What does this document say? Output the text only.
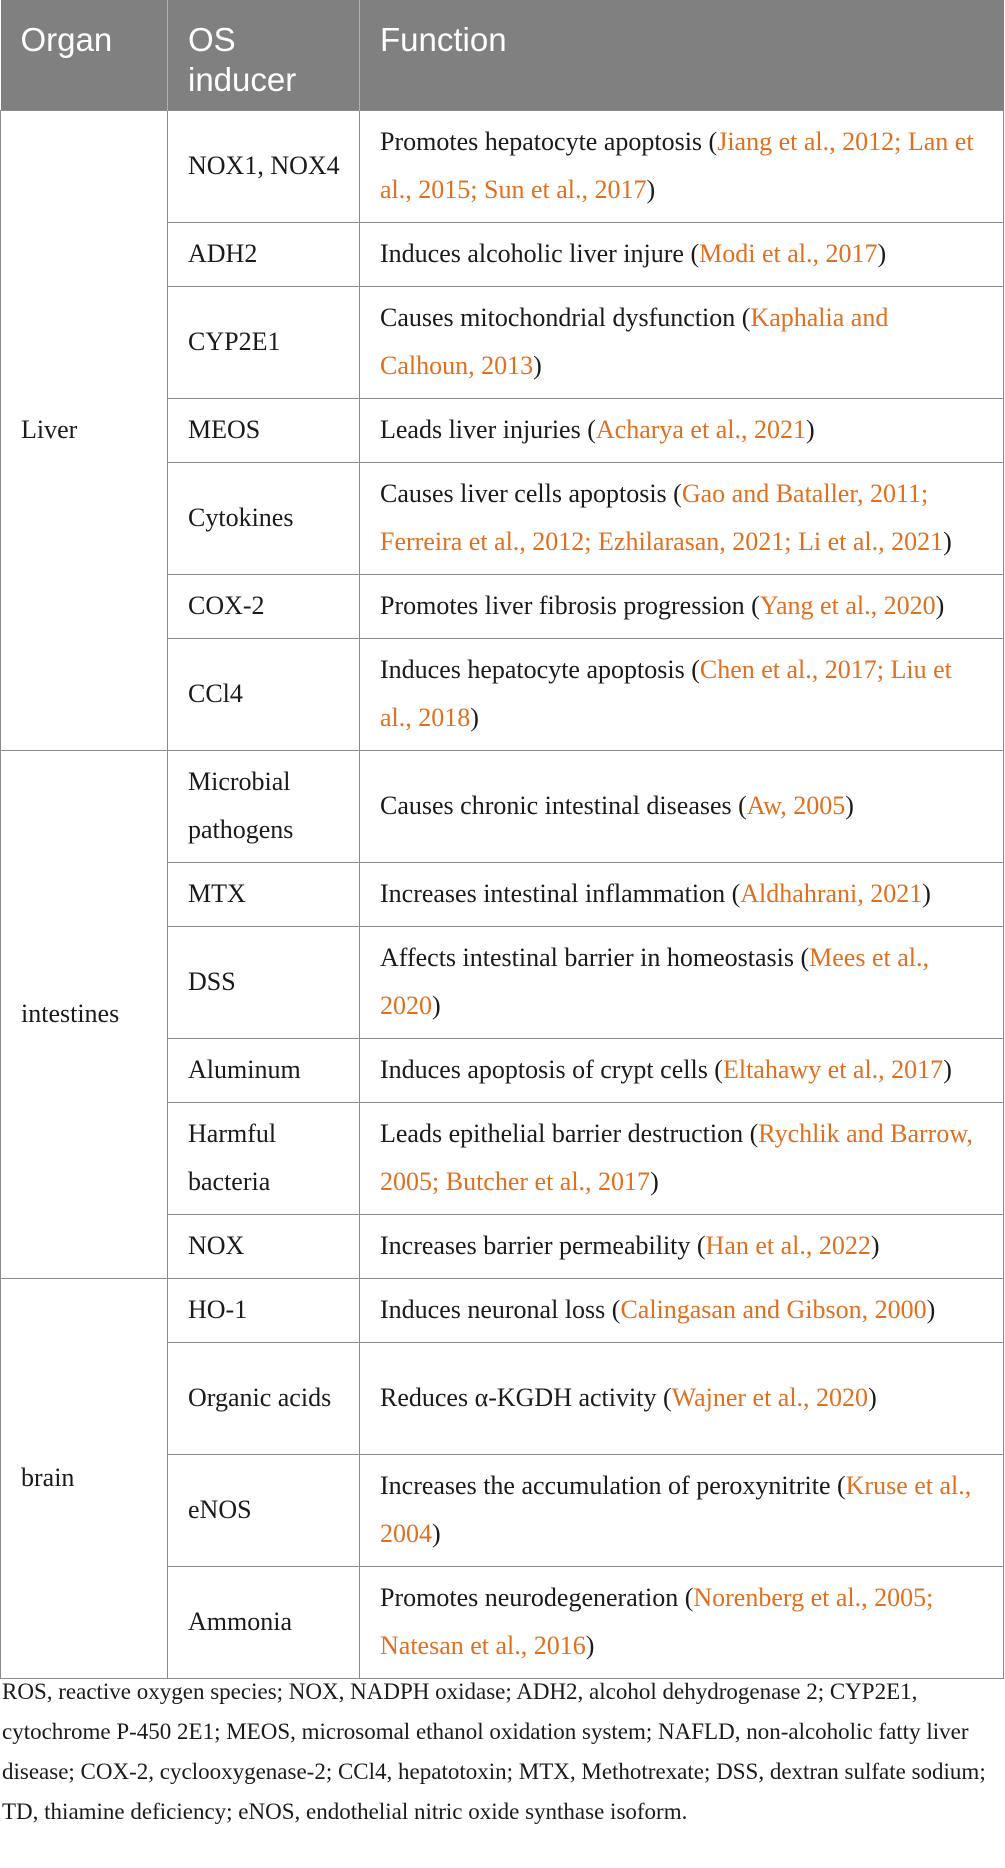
Organ	OS inducer	Function
Liver	NOX1, NOX4	Promotes hepatocyte apoptosis (Jiang et al., 2012; Lan et al., 2015; Sun et al., 2017)
	ADH2	Induces alcoholic liver injure (Modi et al., 2017)
	CYP2E1	Causes mitochondrial dysfunction (Kaphalia and Calhoun, 2013)
	MEOS	Leads liver injuries (Acharya et al., 2021)
	Cytokines	Causes liver cells apoptosis (Gao and Bataller, 2011; Ferreira et al., 2012; Ezhilarasan, 2021; Li et al., 2021)
	COX-2	Promotes liver fibrosis progression (Yang et al., 2020)
	CCl4	Induces hepatocyte apoptosis (Chen et al., 2017; Liu et al., 2018)
intestines	Microbial pathogens	Causes chronic intestinal diseases (Aw, 2005)
	MTX	Increases intestinal inflammation (Aldhahrani, 2021)
	DSS	Affects intestinal barrier in homeostasis (Mees et al., 2020)
	Aluminum	Induces apoptosis of crypt cells (Eltahawy et al., 2017)
	Harmful bacteria	Leads epithelial barrier destruction (Rychlik and Barrow, 2005; Butcher et al., 2017)
	NOX	Increases barrier permeability (Han et al., 2022)
brain	HO-1	Induces neuronal loss (Calingasan and Gibson, 2000)
	Organic acids	Reduces α-KGDH activity (Wajner et al., 2020)
	eNOS	Increases the accumulation of peroxynitrite (Kruse et al., 2004)
	Ammonia	Promotes neurodegeneration (Norenberg et al., 2005; Natesan et al., 2016)
ROS, reactive oxygen species; NOX, NADPH oxidase; ADH2, alcohol dehydrogenase 2; CYP2E1, cytochrome P-450 2E1; MEOS, microsomal ethanol oxidation system; NAFLD, non-alcoholic fatty liver disease; COX-2, cyclooxygenase-2; CCl4, hepatotoxin; MTX, Methotrexate; DSS, dextran sulfate sodium; TD, thiamine deficiency; eNOS, endothelial nitric oxide synthase isoform.
